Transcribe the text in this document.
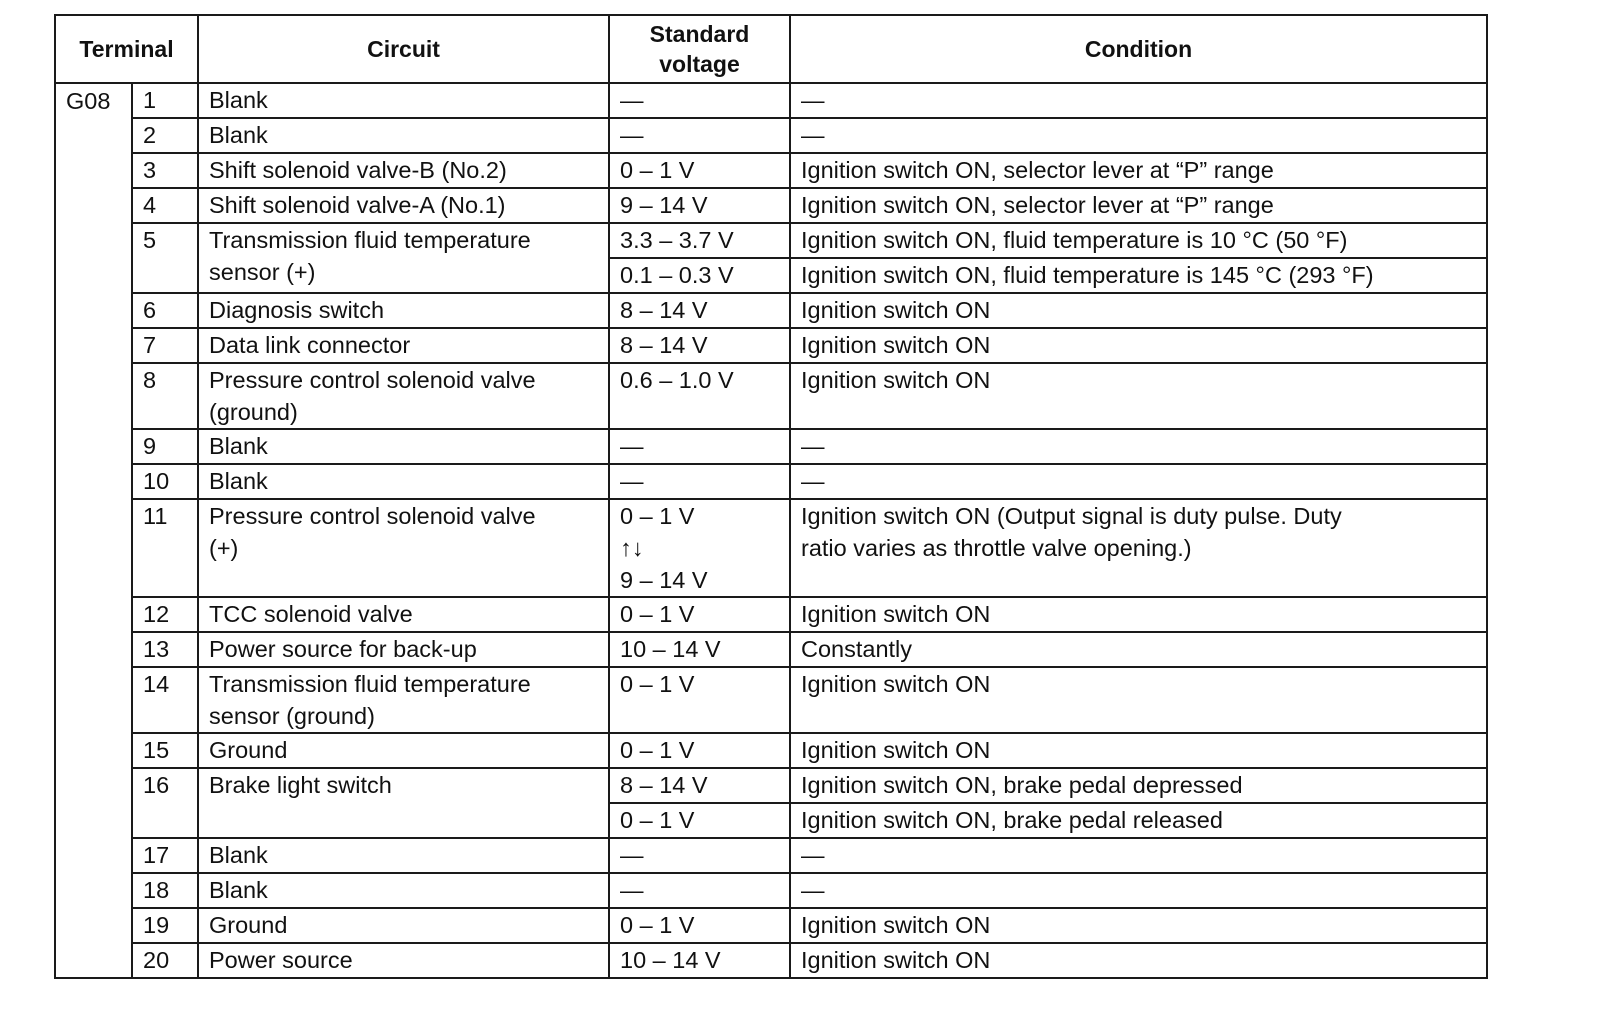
Terminal		Circuit	Standard
voltage	Condition
G08	1	Blank	—	—

	2	Blank	—	—

	3	Shift solenoid valve-B (No.2)	0 – 1 V	Ignition switch ON, selector lever at “P” range

	4	Shift solenoid valve-A (No.1)	9 – 14 V	Ignition switch ON, selector lever at “P” range

	5	Transmission fluid temperature
sensor (+)	3.3 – 3.7 V	Ignition switch ON, fluid temperature is 10 °C (50 °F)

			0.1 – 0.3 V	Ignition switch ON, fluid temperature is 145 °C (293 °F)

	6	Diagnosis switch	8 – 14 V	Ignition switch ON

	7	Data link connector	8 – 14 V	Ignition switch ON

	8	Pressure control solenoid valve
(ground)	0.6 – 1.0 V	Ignition switch ON

	9	Blank	—	—

	10	Blank	—	—

	11	Pressure control solenoid valve
(+)	0 – 1 V
↑↓
9 – 14 V	Ignition switch ON (Output signal is duty pulse. Duty
ratio varies as throttle valve opening.)

	12	TCC solenoid valve	0 – 1 V	Ignition switch ON

	13	Power source for back-up	10 – 14 V	Constantly

	14	Transmission fluid temperature
sensor (ground)	0 – 1 V	Ignition switch ON

	15	Ground	0 – 1 V	Ignition switch ON

	16	Brake light switch	8 – 14 V	Ignition switch ON, brake pedal depressed

			0 – 1 V	Ignition switch ON, brake pedal released

	17	Blank	—	—

	18	Blank	—	—

	19	Ground	0 – 1 V	Ignition switch ON

	20	Power source	10 – 14 V	Ignition switch ON
